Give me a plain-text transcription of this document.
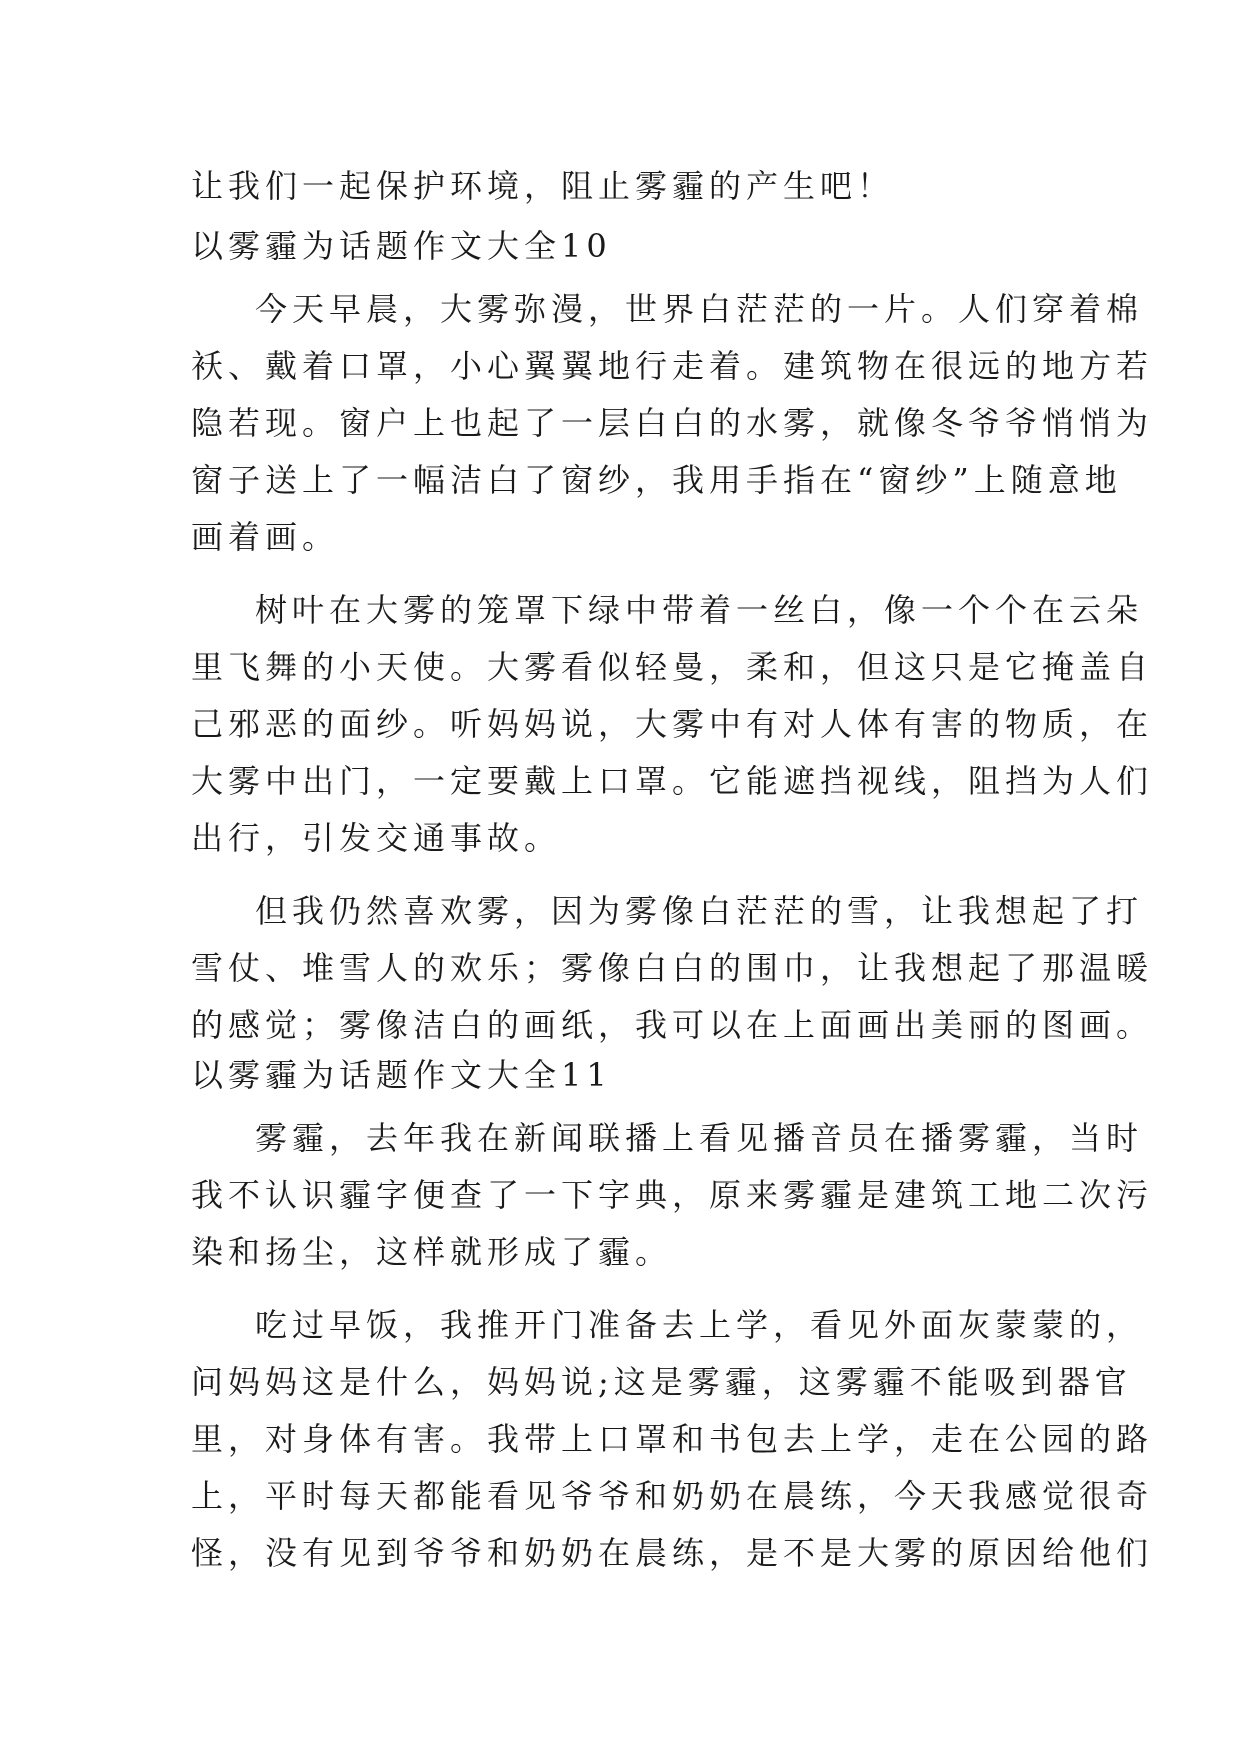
让我们一起保护环境，阻止雾霾的产生吧！
以雾霾为话题作文大全10
今天早晨，大雾弥漫，世界白茫茫的一片。人们穿着棉
袄、戴着口罩，小心翼翼地行走着。建筑物在很远的地方若
隐若现。窗户上也起了一层白白的水雾，就像冬爷爷悄悄为
窗子送上了一幅洁白了窗纱，我用手指在“窗纱”上随意地
画着画。
树叶在大雾的笼罩下绿中带着一丝白，像一个个在云朵
里飞舞的小天使。大雾看似轻曼，柔和，但这只是它掩盖自
己邪恶的面纱。听妈妈说，大雾中有对人体有害的物质，在
大雾中出门，一定要戴上口罩。它能遮挡视线，阻挡为人们
出行，引发交通事故。
但我仍然喜欢雾，因为雾像白茫茫的雪，让我想起了打
雪仗、堆雪人的欢乐；雾像白白的围巾，让我想起了那温暖
的感觉；雾像洁白的画纸，我可以在上面画出美丽的图画。
以雾霾为话题作文大全11
雾霾，去年我在新闻联播上看见播音员在播雾霾，当时
我不认识霾字便查了一下字典，原来雾霾是建筑工地二次污
染和扬尘，这样就形成了霾。
吃过早饭，我推开门准备去上学，看见外面灰蒙蒙的，
问妈妈这是什么，妈妈说;这是雾霾，这雾霾不能吸到器官
里，对身体有害。我带上口罩和书包去上学，走在公园的路
上，平时每天都能看见爷爷和奶奶在晨练，今天我感觉很奇
怪，没有见到爷爷和奶奶在晨练，是不是大雾的原因给他们
